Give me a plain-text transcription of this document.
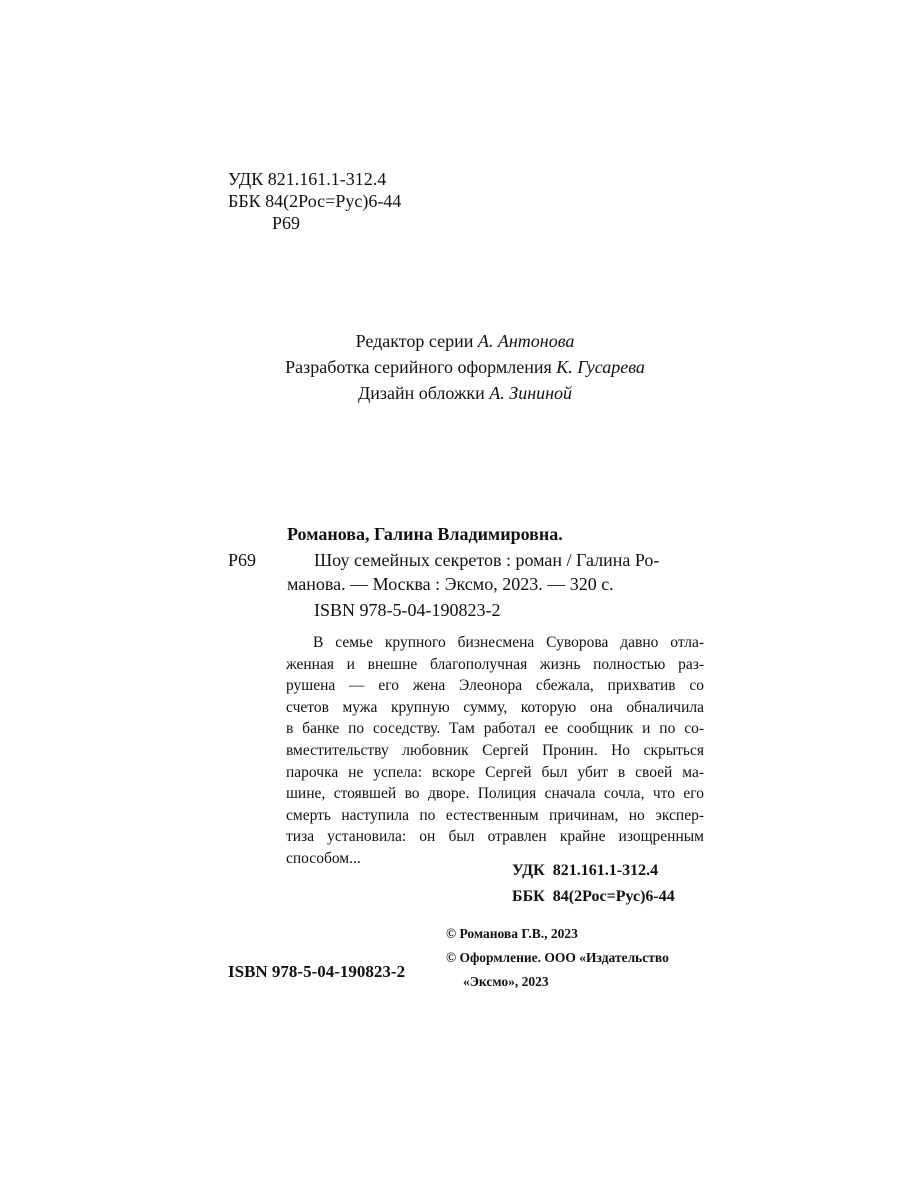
УДК 821.161.1-312.4
ББК 84(2Рос=Рус)6-44
Р69
Редактор серии А. Антонова
Разработка серийного оформления К. Гусарева
Дизайн обложки А. Зининой
Романова, Галина Владимировна.
Р69	Шоу семейных секретов : роман / Галина Ро-
манова. — Москва : Эксмо, 2023. — 320 с.
ISBN 978-5-04-190823-2
В семье крупного бизнесмена Суворова давно отла-
женная и внешне благополучная жизнь полностью раз-
рушена — его жена Элеонора сбежала, прихватив со
счетов мужа крупную сумму, которую она обналичила
в банке по соседству. Там работал ее сообщник и по со-
вместительству любовник Сергей Пронин. Но скрыться
парочка не успела: вскоре Сергей был убит в своей ма-
шине, стоявшей во дворе. Полиция сначала сочла, что его
смерть наступила по естественным причинам, но экспер-
тиза установила: он был отравлен крайне изощренным
способом...
УДК 821.161.1-312.4
ББК 84(2Рос=Рус)6-44
© Романова Г.В., 2023
© Оформление. ООО «Издательство
«Эксмо», 2023
ISBN 978-5-04-190823-2
